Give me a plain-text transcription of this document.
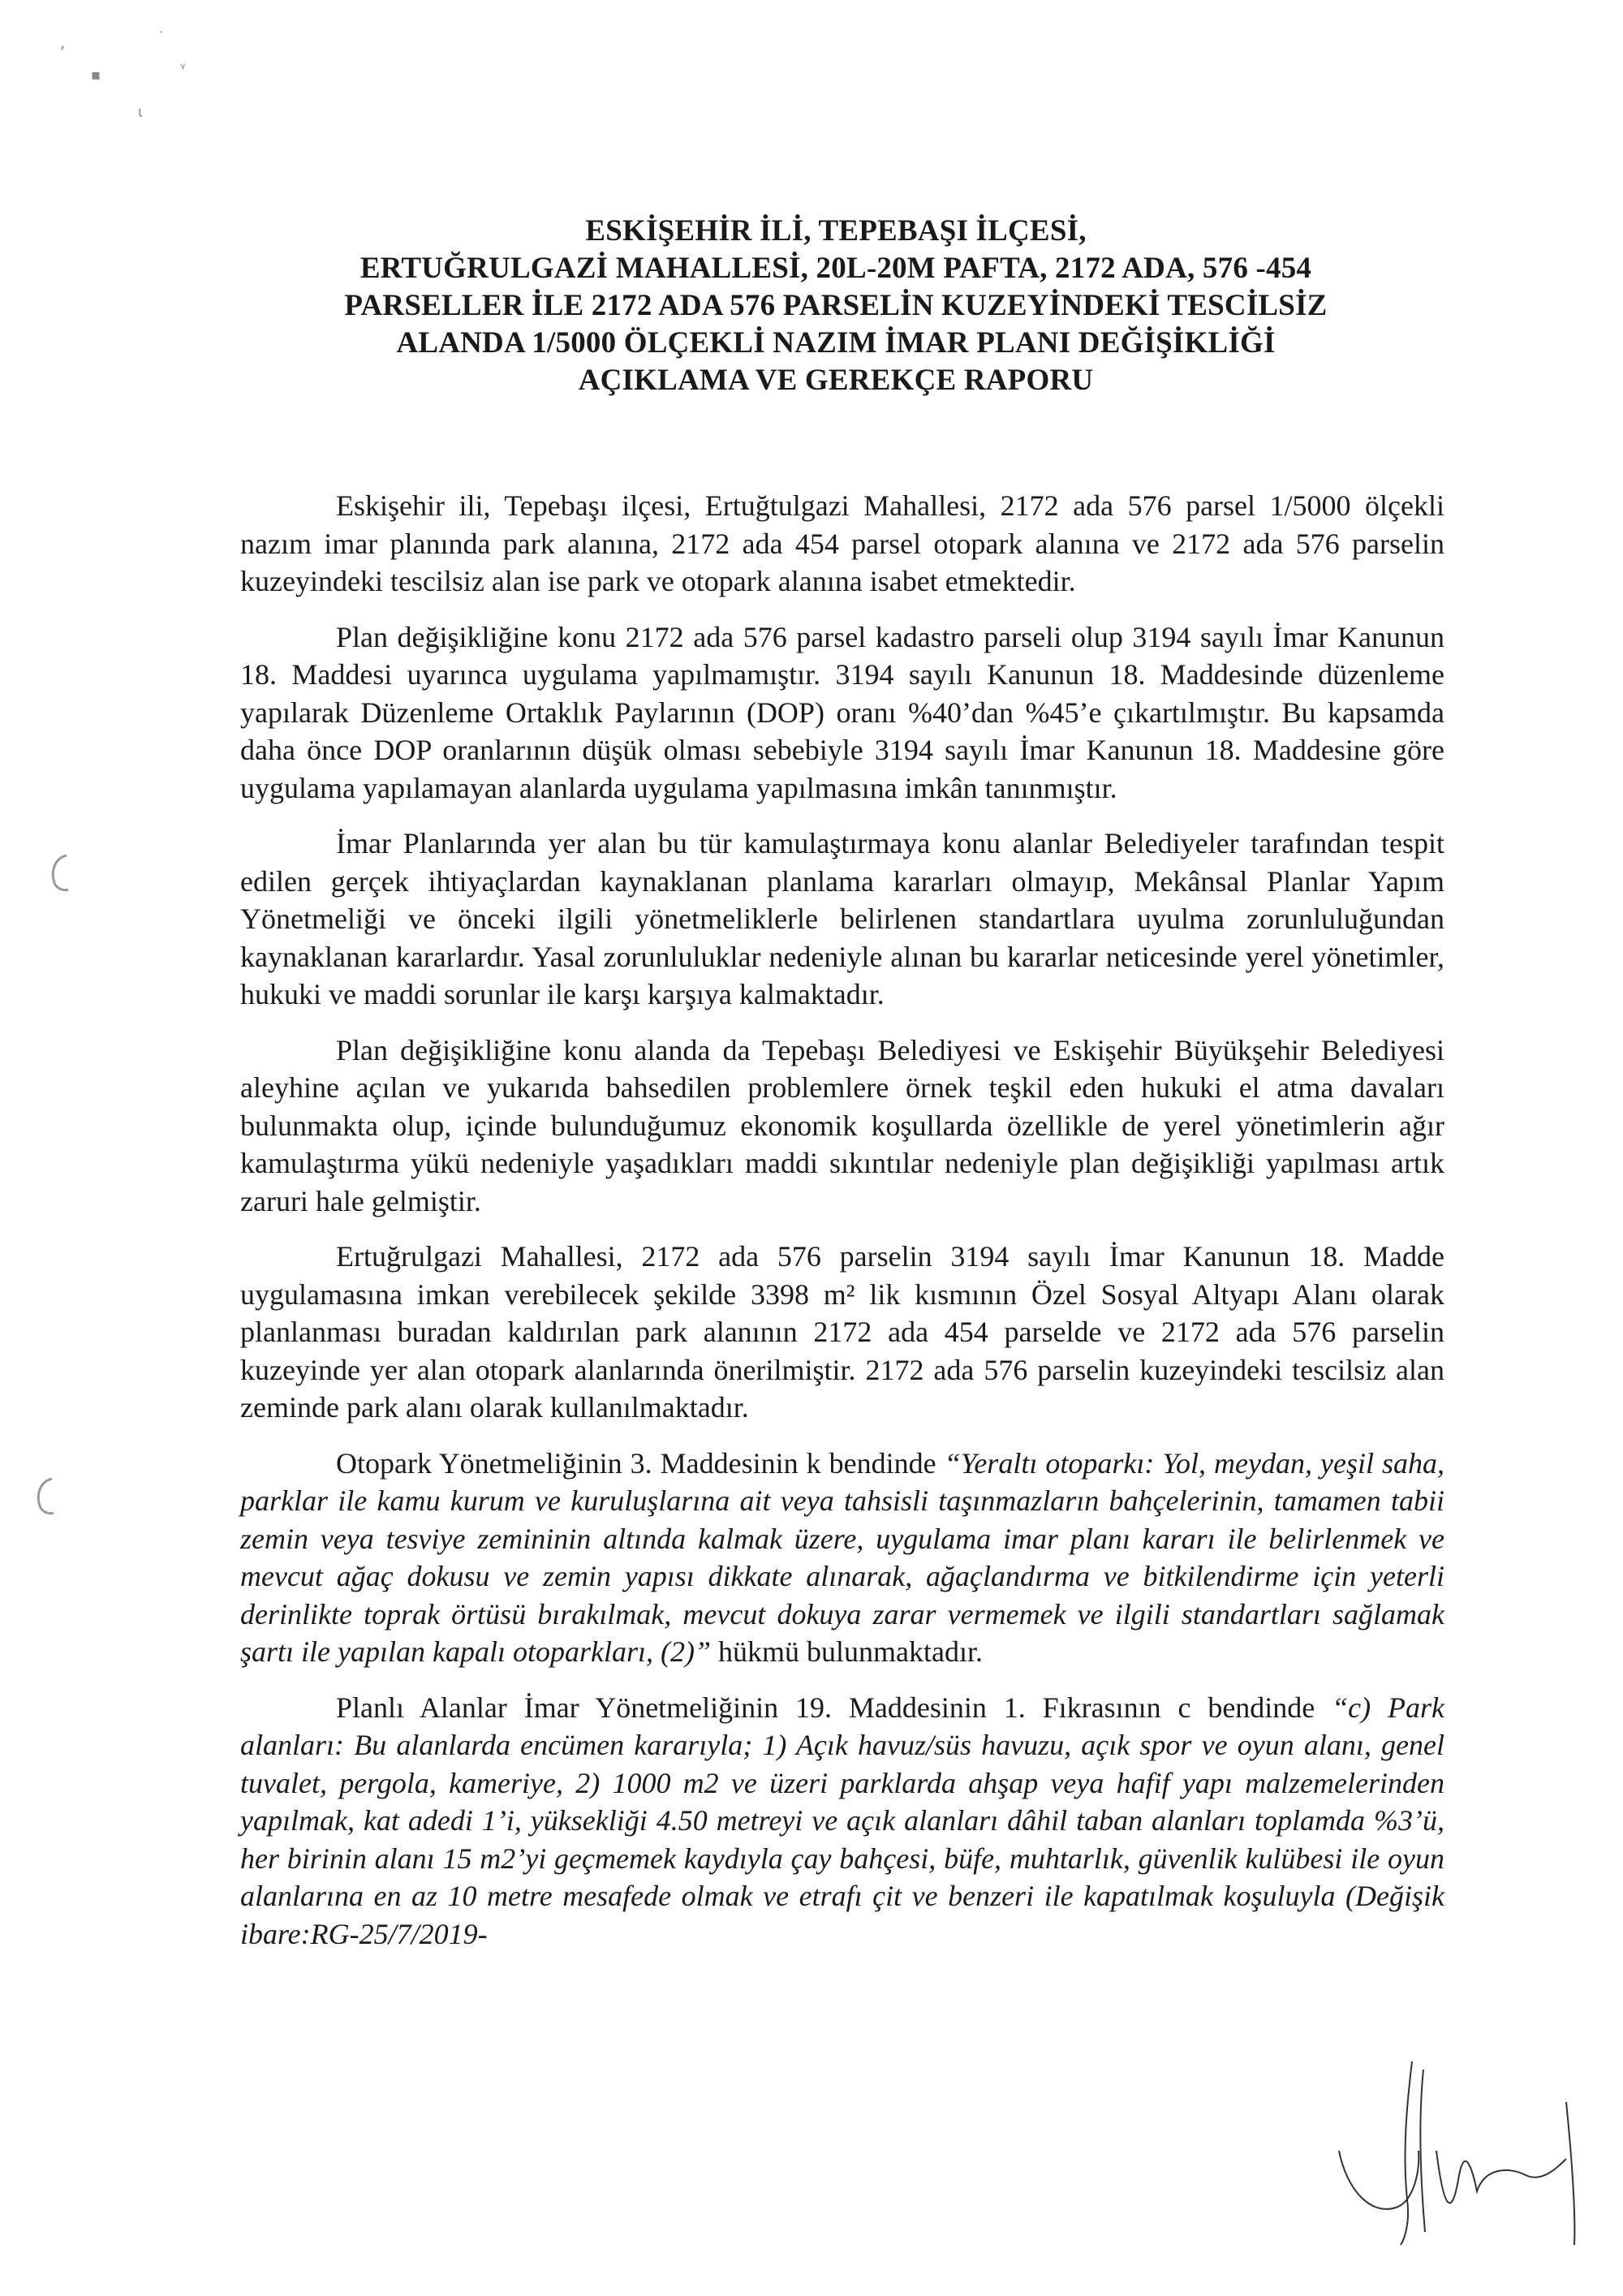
,
·
▪	ᵞ
ι
ESKİŞEHİR İLİ, TEPEBAŞI İLÇESİ,
ERTUĞRULGAZİ MAHALLESİ, 20L-20M PAFTA, 2172 ADA, 576 -454
PARSELLER İLE 2172 ADA 576 PARSELİN KUZEYİNDEKİ TESCİLSİZ
ALANDA 1/5000 ÖLÇEKLİ NAZIM İMAR PLANI DEĞİŞİKLİĞİ
AÇIKLAMA VE GEREKÇE RAPORU

Eskişehir ili, Tepebaşı ilçesi, Ertuğtulgazi Mahallesi, 2172 ada 576 parsel 1/5000 ölçekli nazım imar planında park alanına, 2172 ada 454 parsel otopark alanına ve 2172 ada 576 parselin kuzeyindeki tescilsiz alan ise park ve otopark alanına isabet etmektedir.

Plan değişikliğine konu 2172 ada 576 parsel kadastro parseli olup 3194 sayılı İmar Kanunun 18. Maddesi uyarınca uygulama yapılmamıştır. 3194 sayılı Kanunun 18. Maddesinde düzenleme yapılarak Düzenleme Ortaklık Paylarının (DOP) oranı %40’dan %45’e çıkartılmıştır. Bu kapsamda daha önce DOP oranlarının düşük olması sebebiyle 3194 sayılı İmar Kanunun 18. Maddesine göre uygulama yapılamayan alanlarda uygulama yapılmasına imkân tanınmıştır.

İmar Planlarında yer alan bu tür kamulaştırmaya konu alanlar Belediyeler tarafından tespit edilen gerçek ihtiyaçlardan kaynaklanan planlama kararları olmayıp, Mekânsal Planlar Yapım Yönetmeliği ve önceki ilgili yönetmeliklerle belirlenen standartlara uyulma zorunluluğundan kaynaklanan kararlardır. Yasal zorunluluklar nedeniyle alınan bu kararlar neticesinde yerel yönetimler, hukuki ve maddi sorunlar ile karşı karşıya kalmaktadır.

Plan değişikliğine konu alanda da Tepebaşı Belediyesi ve Eskişehir Büyükşehir Belediyesi aleyhine açılan ve yukarıda bahsedilen problemlere örnek teşkil eden hukuki el atma davaları bulunmakta olup, içinde bulunduğumuz ekonomik koşullarda özellikle de yerel yönetimlerin ağır kamulaştırma yükü nedeniyle yaşadıkları maddi sıkıntılar nedeniyle plan değişikliği yapılması artık zaruri hale gelmiştir.

Ertuğrulgazi Mahallesi, 2172 ada 576 parselin 3194 sayılı İmar Kanunun 18. Madde uygulamasına imkan verebilecek şekilde 3398 m² lik kısmının Özel Sosyal Altyapı Alanı olarak planlanması buradan kaldırılan park alanının 2172 ada 454 parselde ve 2172 ada 576 parselin kuzeyinde yer alan otopark alanlarında önerilmiştir. 2172 ada 576 parselin kuzeyindeki tescilsiz alan zeminde park alanı olarak kullanılmaktadır.

Otopark Yönetmeliğinin 3. Maddesinin k bendinde “Yeraltı otoparkı: Yol, meydan, yeşil saha, parklar ile kamu kurum ve kuruluşlarına ait veya tahsisli taşınmazların bahçelerinin, tamamen tabii zemin veya tesviye zemininin altında kalmak üzere, uygulama imar planı kararı ile belirlenmek ve mevcut ağaç dokusu ve zemin yapısı dikkate alınarak, ağaçlandırma ve bitkilendirme için yeterli derinlikte toprak örtüsü bırakılmak, mevcut dokuya zarar vermemek ve ilgili standartları sağlamak şartı ile yapılan kapalı otoparkları, (2)” hükmü bulunmaktadır.

Planlı Alanlar İmar Yönetmeliğinin 19. Maddesinin 1. Fıkrasının c bendinde “c) Park alanları: Bu alanlarda encümen kararıyla; 1) Açık havuz/süs havuzu, açık spor ve oyun alanı, genel tuvalet, pergola, kameriye, 2) 1000 m2 ve üzeri parklarda ahşap veya hafif yapı malzemelerinden yapılmak, kat adedi 1’i, yüksekliği 4.50 metreyi ve açık alanları dâhil taban alanları toplamda %3’ü, her birinin alanı 15 m2’yi geçmemek kaydıyla çay bahçesi, büfe, muhtarlık, güvenlik kulübesi ile oyun alanlarına en az 10 metre mesafede olmak ve etrafı çit ve benzeri ile kapatılmak koşuluyla (Değişik ibare:RG-25/7/2019-
